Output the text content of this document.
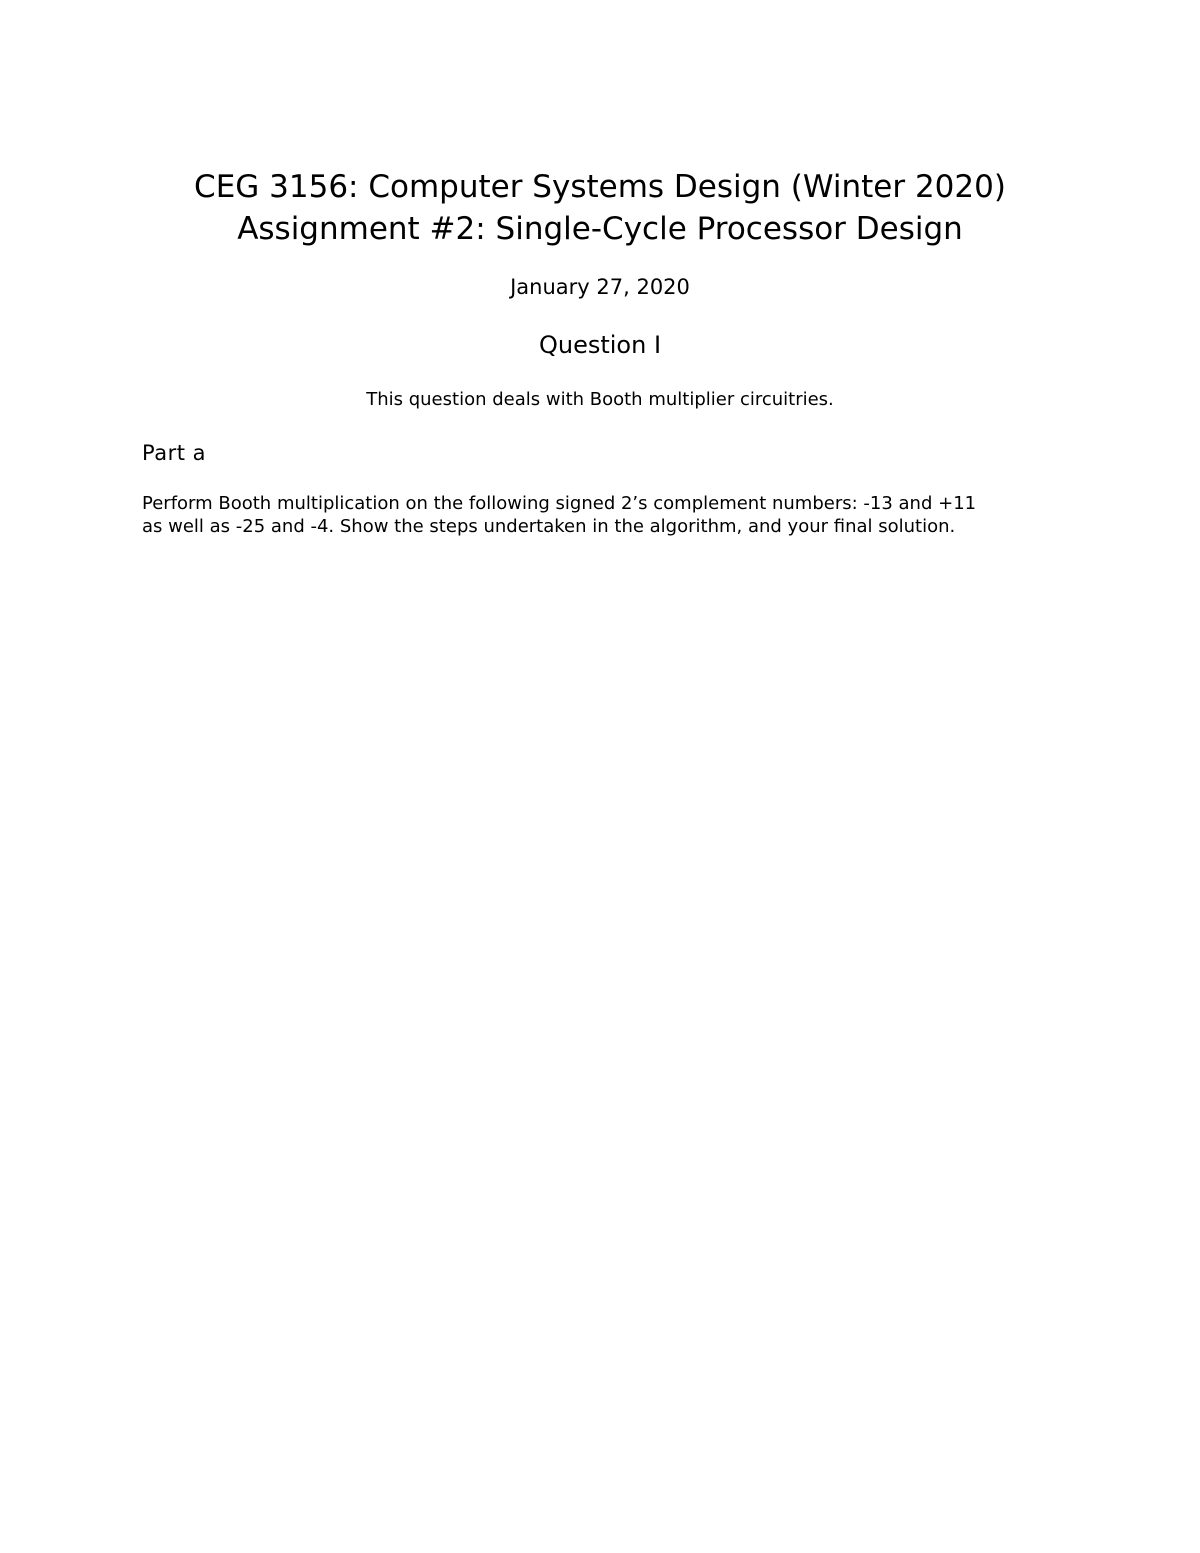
CEG 3156: Computer Systems Design (Winter 2020)
Assignment #2: Single-Cycle Processor Design
January 27, 2020
Question I
This question deals with Booth multiplier circuitries.
Part a
Perform Booth multiplication on the following signed 2’s complement numbers: -13 and +11
as well as -25 and -4. Show the steps undertaken in the algorithm, and your final solution.
